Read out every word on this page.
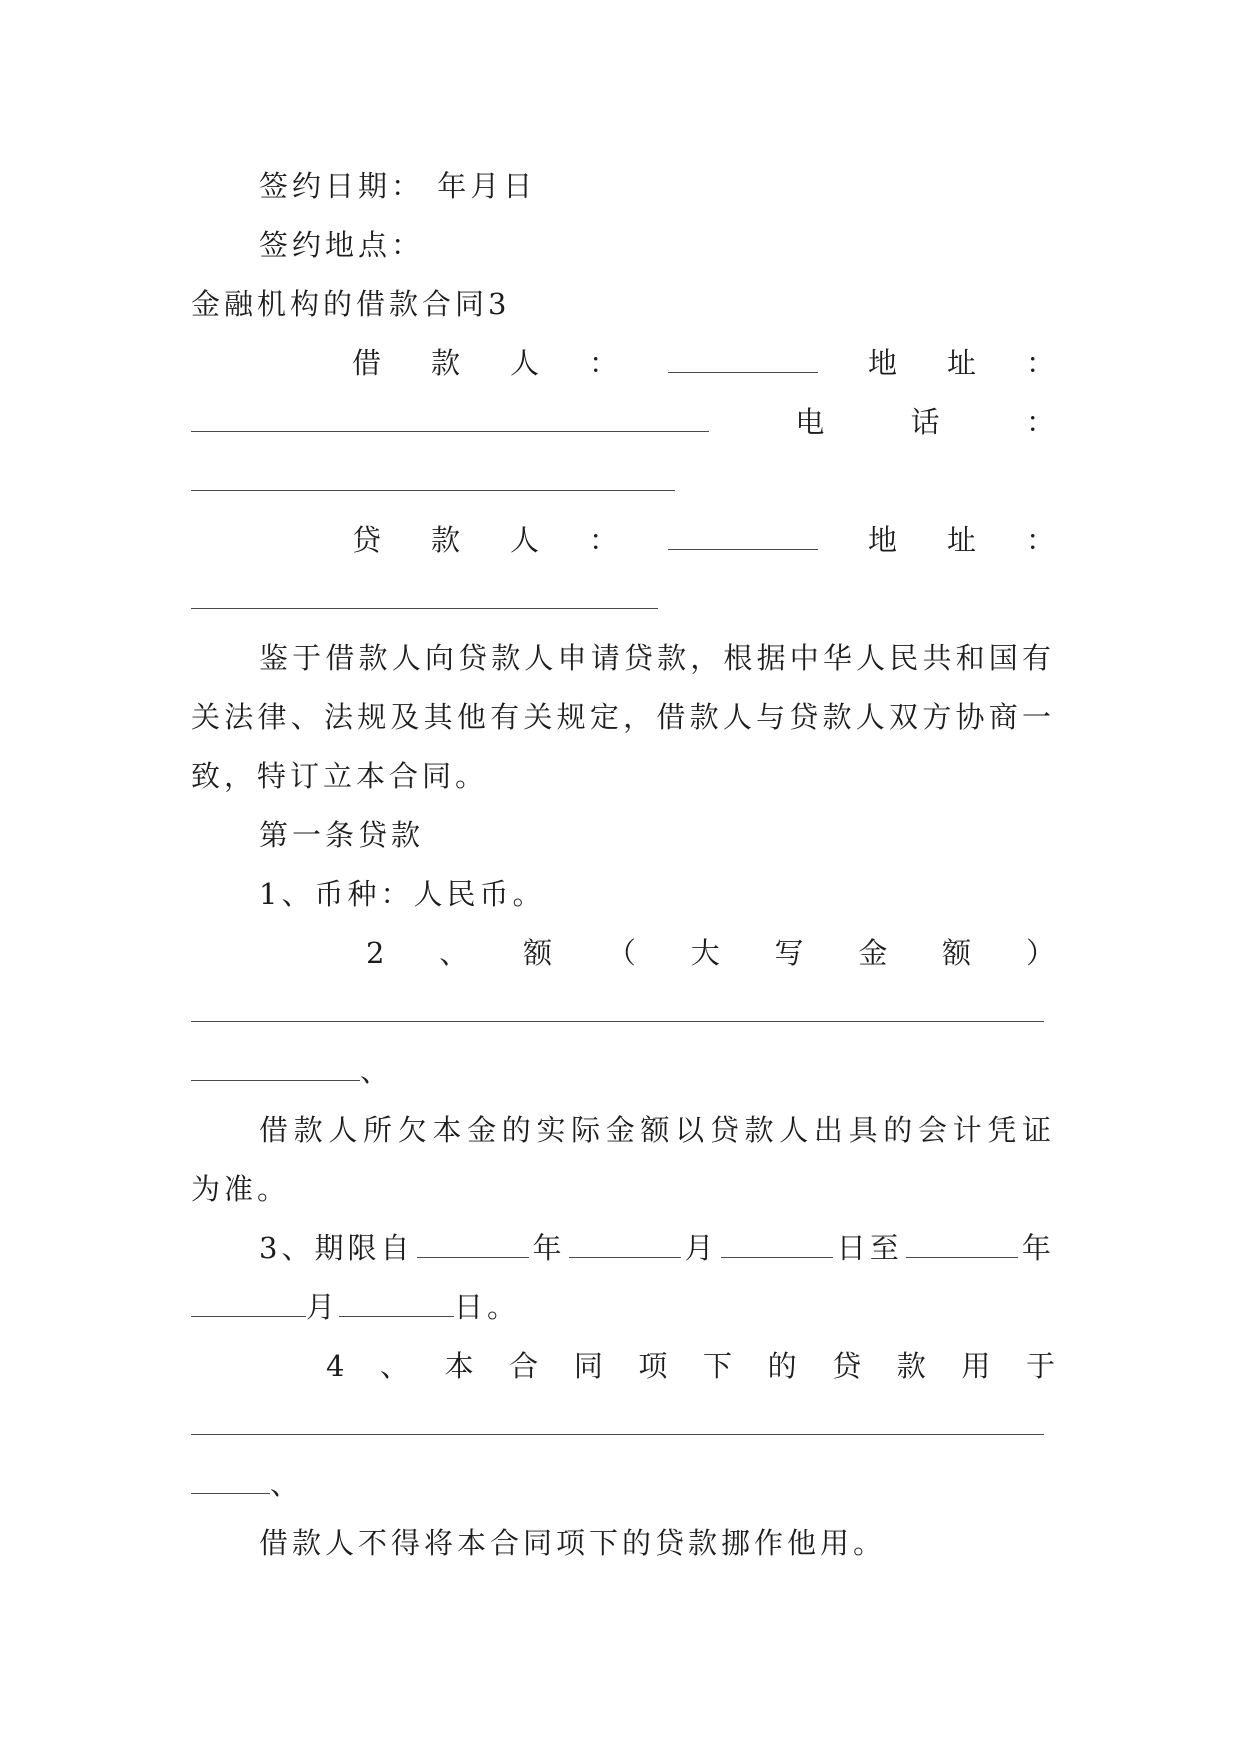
签约日期： 年月日
签约地点：
金融机构的借款合同3
借 款 人 ：	地 址 ：
电	话	：
贷 款 人 ：	地 址 ：
鉴于借款人向贷款人申请贷款，根据中华人民共和国有
关法律、法规及其他有关规定，借款人与贷款人双方协商一
致，特订立本合同。
第一条贷款
1、币种：人民币。
2 、 额 （ 大 写 金 额 ）
、
借款人所欠本金的实际金额以贷款人出具的会计凭证
为准。
3、期限自	年	月	日至	年
月	日。
4 、 本 合 同 项 下 的 贷 款 用 于
、
借款人不得将本合同项下的贷款挪作他用。
